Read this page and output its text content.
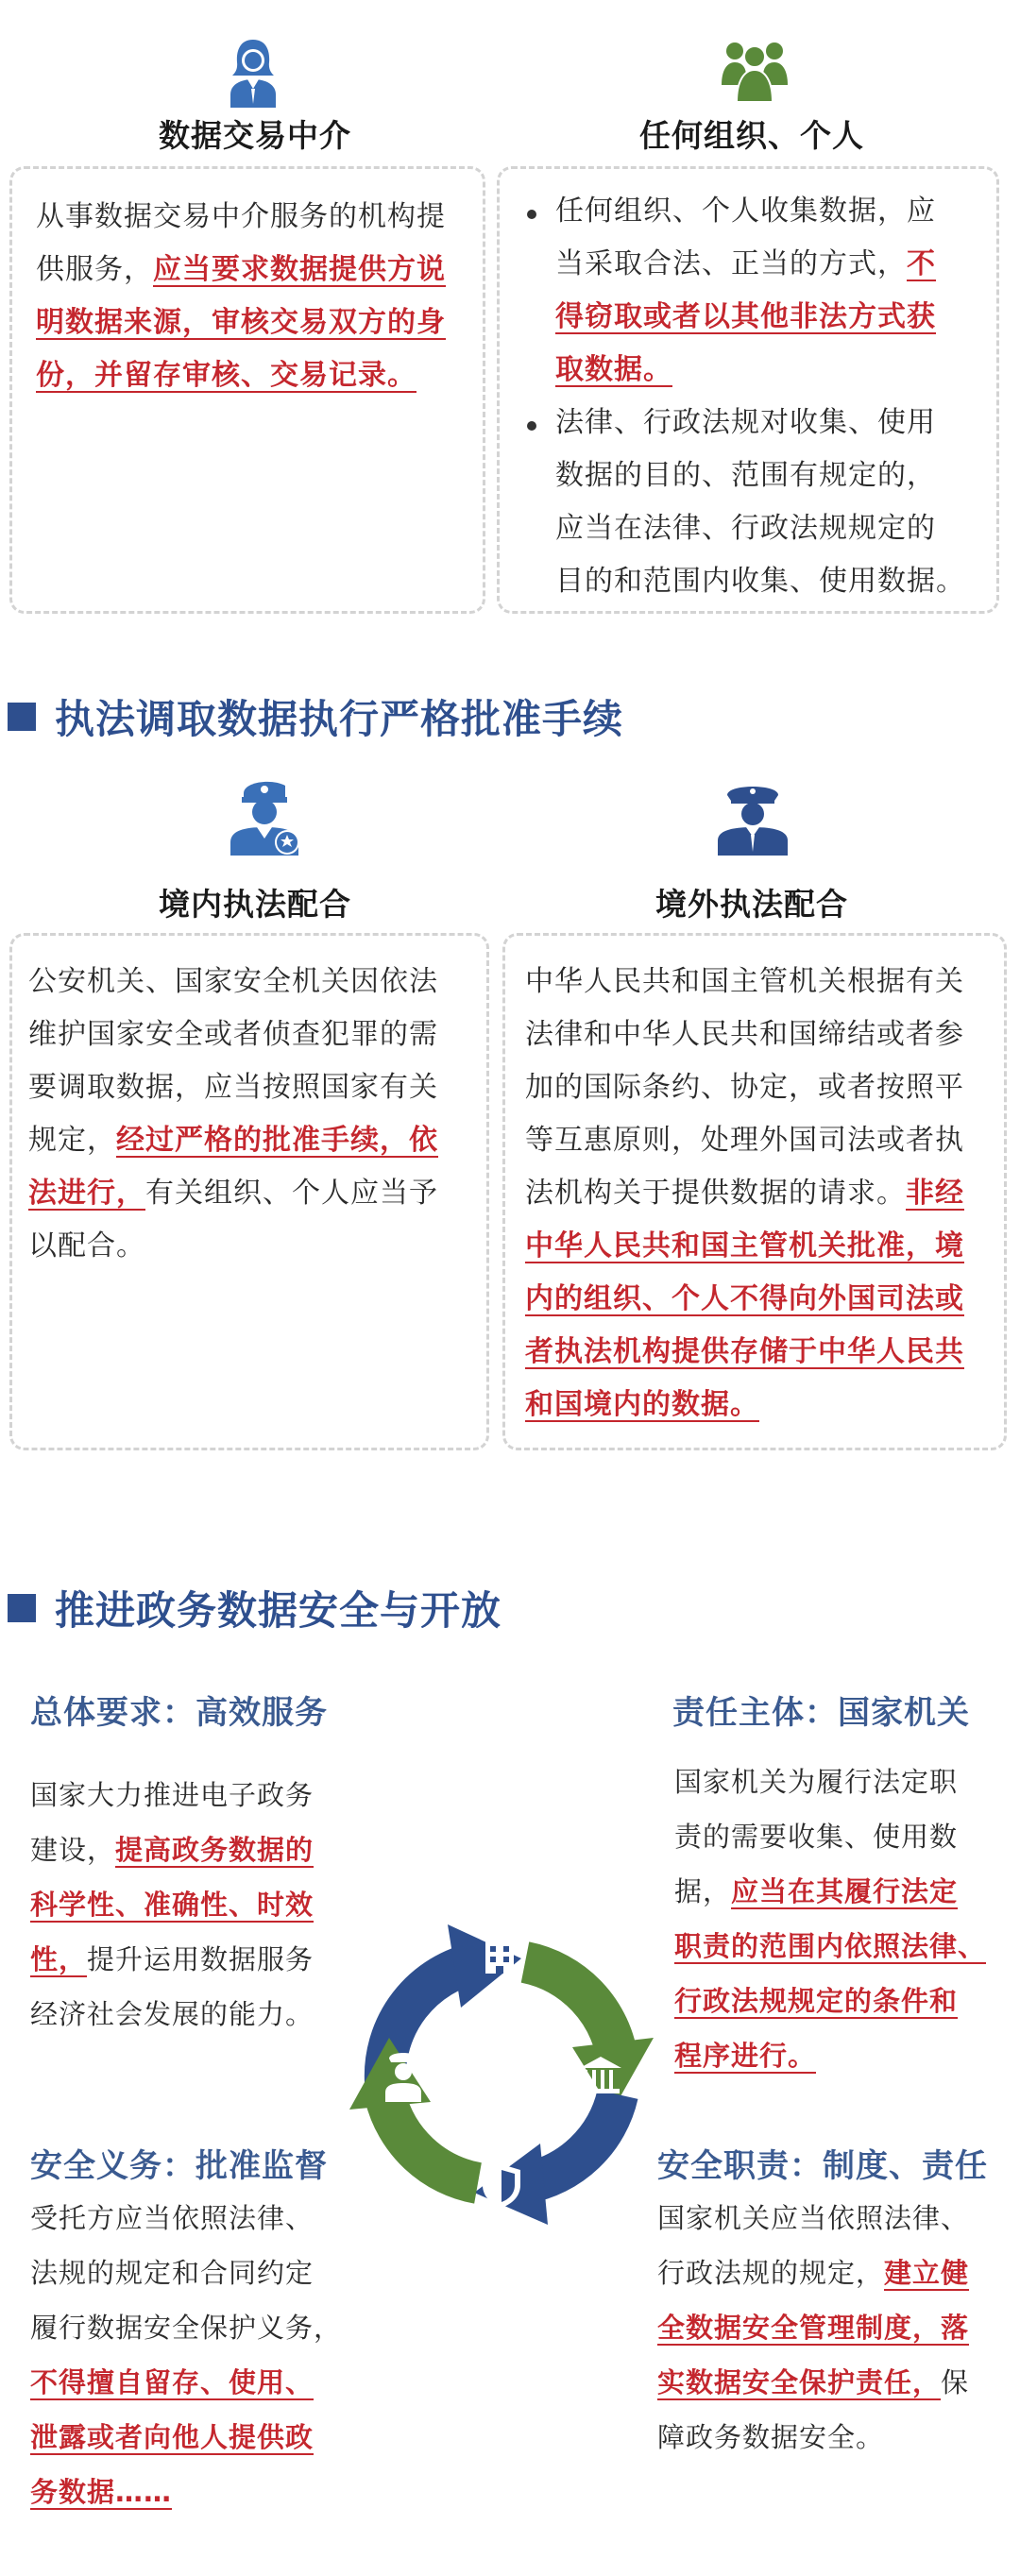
数据交易中介	任何组织、个人
从事数据交易中介服务的机构提
供服务，应当要求数据提供方说
明数据来源，审核交易双方的身
份，并留存审核、交易记录。
任何组织、个人收集数据，应
当采取合法、正当的方式，不
得窃取或者以其他非法方式获
取数据。
法律、行政法规对收集、使用
数据的目的、范围有规定的，
应当在法律、行政法规规定的
目的和范围内收集、使用数据。
执法调取数据执行严格批准手续
境内执法配合	境外执法配合
公安机关、国家安全机关因依法
维护国家安全或者侦查犯罪的需
要调取数据，应当按照国家有关
规定，经过严格的批准手续，依
法进行，有关组织、个人应当予
以配合。
中华人民共和国主管机关根据有关
法律和中华人民共和国缔结或者参
加的国际条约、协定，或者按照平
等互惠原则，处理外国司法或者执
法机构关于提供数据的请求。非经
中华人民共和国主管机关批准，境
内的组织、个人不得向外国司法或
者执法机构提供存储于中华人民共
和国境内的数据。
推进政务数据安全与开放
总体要求：高效服务
国家大力推进电子政务
建设，提高政务数据的
科学性、准确性、时效
性，提升运用数据服务
经济社会发展的能力。
责任主体：国家机关
国家机关为履行法定职
责的需要收集、使用数
据，应当在其履行法定
职责的范围内依照法律、
行政法规规定的条件和
程序进行。
安全义务：批准监督
受托方应当依照法律、
法规的规定和合同约定
履行数据安全保护义务，
不得擅自留存、使用、
泄露或者向他人提供政
务数据……
安全职责：制度、责任
国家机关应当依照法律、
行政法规的规定，建立健
全数据安全管理制度，落
实数据安全保护责任，保
障政务数据安全。
